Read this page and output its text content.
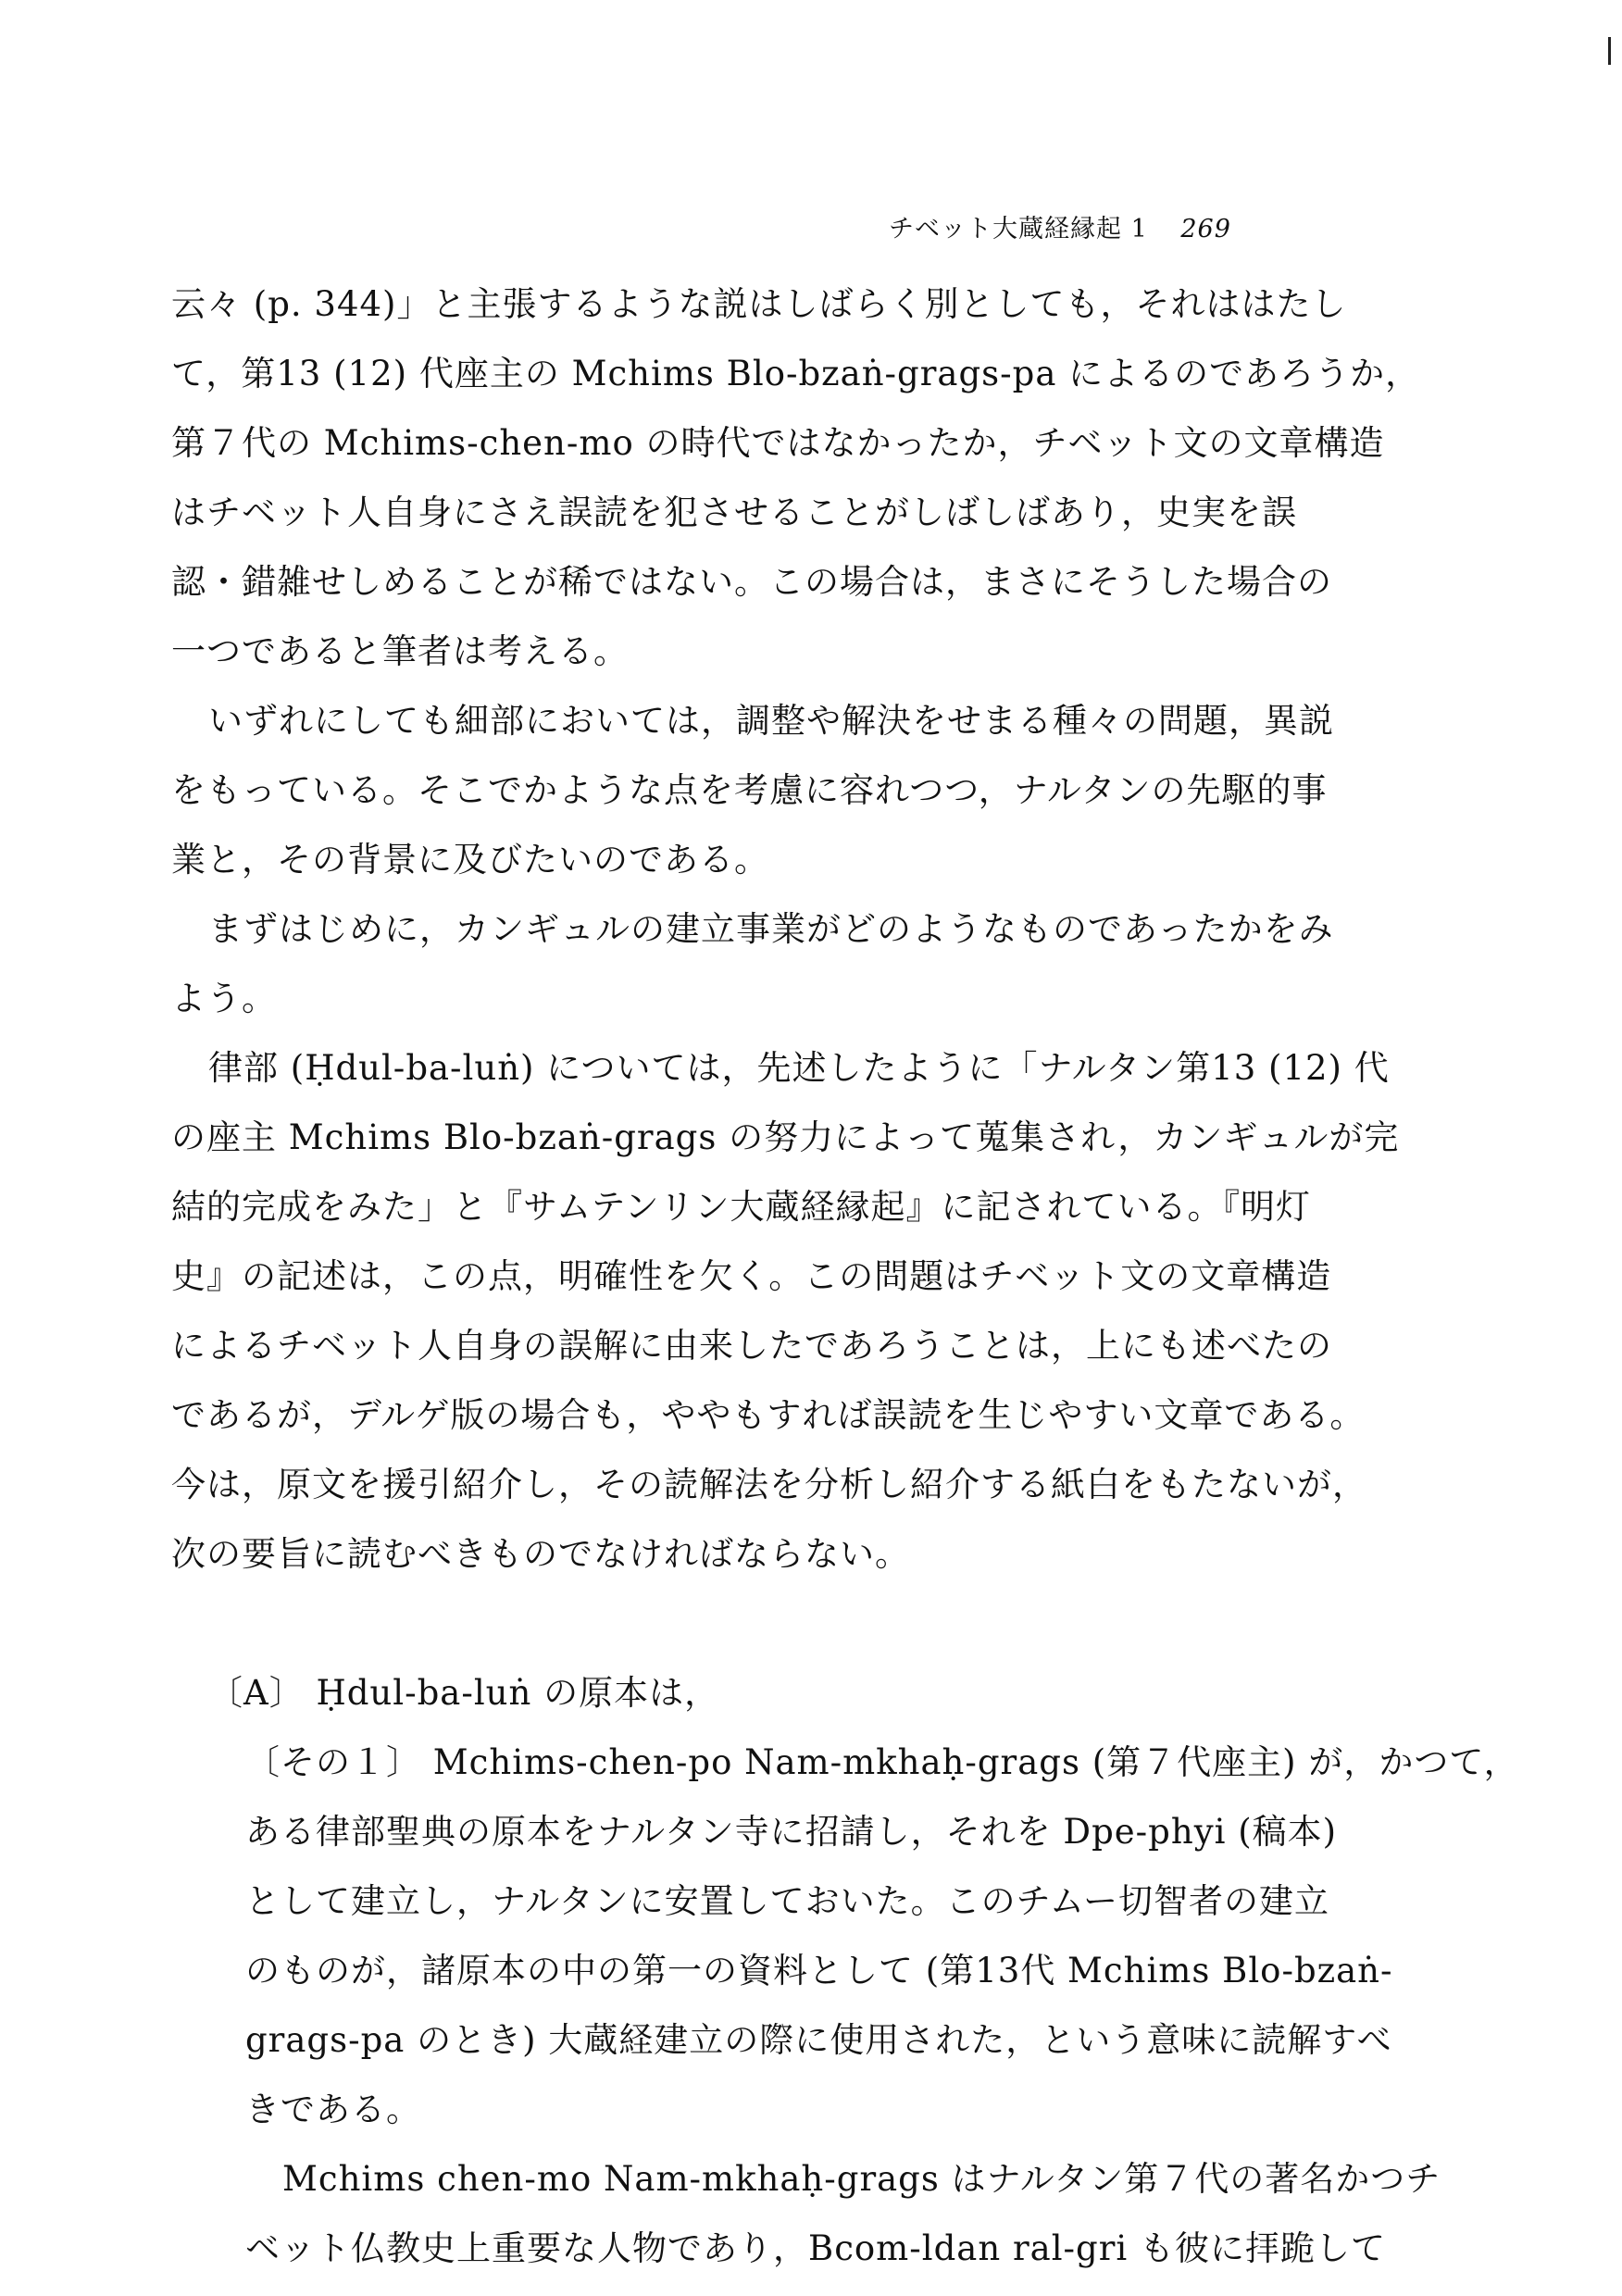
チベット大蔵経縁起 1 269
云々 (p. 344)」と主張するような説はしばらく別としても，それははたし
て，第13 (12) 代座主の Mchims Blo-bzaṅ-grags-pa によるのであろうか，
第７代の Mchims-chen-mo の時代ではなかったか，チベット文の文章構造
はチベット人自身にさえ誤読を犯させることがしばしばあり，史実を誤
認・錯雑せしめることが稀ではない。この場合は，まさにそうした場合の
一つであると筆者は考える。
いずれにしても細部においては，調整や解決をせまる種々の問題，異説
をもっている。そこでかような点を考慮に容れつつ，ナルタンの先駆的事
業と，その背景に及びたいのである。
まずはじめに，カンギュルの建立事業がどのようなものであったかをみ
よう。
律部 (Ḥdul-ba-luṅ) については，先述したように「ナルタン第13 (12) 代
の座主 Mchims Blo-bzaṅ-grags の努力によって蒐集され，カンギュルが完
結的完成をみた」と『サムテンリン大蔵経縁起』に記されている。『明灯
史』の記述は，この点，明確性を欠く。この問題はチベット文の文章構造
によるチベット人自身の誤解に由来したであろうことは，上にも述べたの
であるが，デルゲ版の場合も，ややもすれば誤読を生じやすい文章である。
今は，原文を援引紹介し，その読解法を分析し紹介する紙白をもたないが，
次の要旨に読むべきものでなければならない。
〔A〕 Ḥdul-ba-luṅ の原本は，
〔その１〕 Mchims-chen-po Nam-mkhaḥ-grags (第７代座主) が，かつて，
ある律部聖典の原本をナルタン寺に招請し，それを Dpe-phyi (稿本)
として建立し，ナルタンに安置しておいた。このチムー切智者の建立
のものが，諸原本の中の第一の資料として (第13代 Mchims Blo-bzaṅ-
grags-pa のとき) 大蔵経建立の際に使用された，という意味に読解すべ
きである。
Mchims chen-mo Nam-mkhaḥ-grags はナルタン第７代の著名かつチ
ベット仏教史上重要な人物であり，Bcom-ldan ral-gri も彼に拝跪して
